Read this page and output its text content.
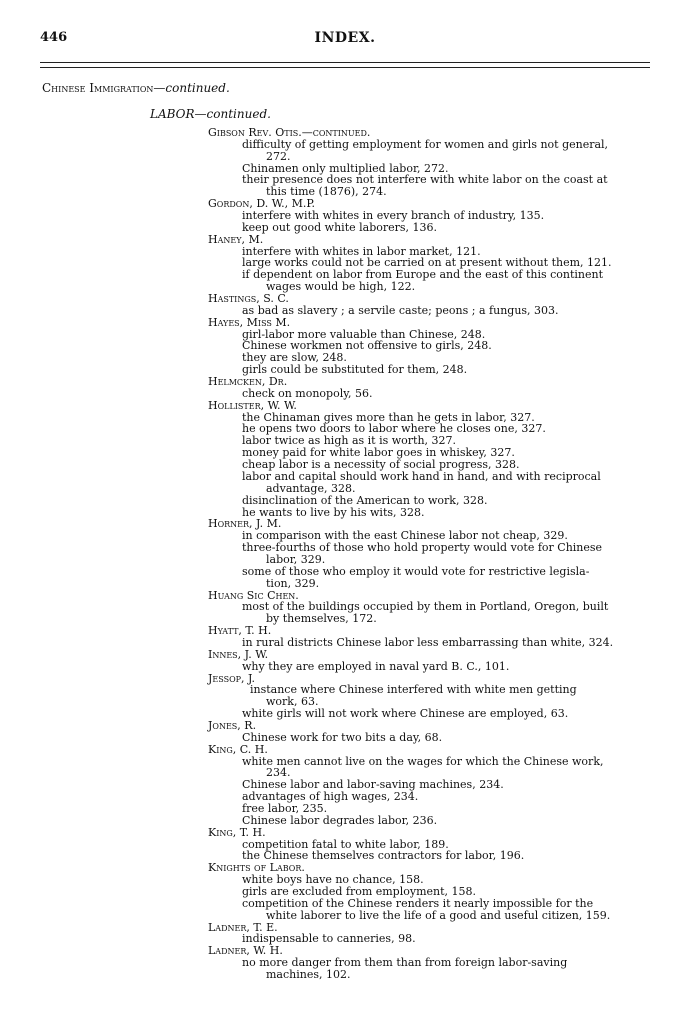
446	INDEX.
Chinese Immigration—continued.
LABOR—continued.
Gibson Rev. Otis.—continued.
difficulty of getting employment for women and girls not general,
272.
Chinamen only multiplied labor, 272.
their presence does not interfere with white labor on the coast at
this time (1876), 274.
Gordon, D. W., M.P.
interfere with whites in every branch of industry, 135.
keep out good white laborers, 136.
Haney, M.
interfere with whites in labor market, 121.
large works could not be carried on at present without them, 121.
if dependent on labor from Europe and the east of this continent
wages would be high, 122.
Hastings, S. C.
as bad as slavery ; a servile caste; peons ; a fungus, 303.
Hayes, Miss M.
girl-labor more valuable than Chinese, 248.
Chinese workmen not offensive to girls, 248.
they are slow, 248.
girls could be substituted for them, 248.
Helmcken, Dr.
check on monopoly, 56.
Hollister, W. W.
the Chinaman gives more than he gets in labor, 327.
he opens two doors to labor where he closes one, 327.
labor twice as high as it is worth, 327.
money paid for white labor goes in whiskey, 327.
cheap labor is a necessity of social progress, 328.
labor and capital should work hand in hand, and with reciprocal
advantage, 328.
disinclination of the American to work, 328.
he wants to live by his wits, 328.
Horner, J. M.
in comparison with the east Chinese labor not cheap, 329.
three-fourths of those who hold property would vote for Chinese
labor, 329.
some of those who employ it would vote for restrictive legisla-
tion, 329.
Huang Sic Chen.
most of the buildings occupied by them in Portland, Oregon, built
by themselves, 172.
Hyatt, T. H.
in rural districts Chinese labor less embarrassing than white, 324.
Innes, J. W.
why they are employed in naval yard B. C., 101.
Jessop, J.
instance where Chinese interfered with white men getting
work, 63.
white girls will not work where Chinese are employed, 63.
Jones, R.
Chinese work for two bits a day, 68.
King, C. H.
white men cannot live on the wages for which the Chinese work,
234.
Chinese labor and labor-saving machines, 234.
advantages of high wages, 234.
free labor, 235.
Chinese labor degrades labor, 236.
King, T. H.
competition fatal to white labor, 189.
the Chinese themselves contractors for labor, 196.
Knights of Labor.
white boys have no chance, 158.
girls are excluded from employment, 158.
competition of the Chinese renders it nearly impossible for the
white laborer to live the life of a good and useful citizen, 159.
Ladner, T. E.
indispensable to canneries, 98.
Ladner, W. H.
no more danger from them than from foreign labor-saving
machines, 102.
